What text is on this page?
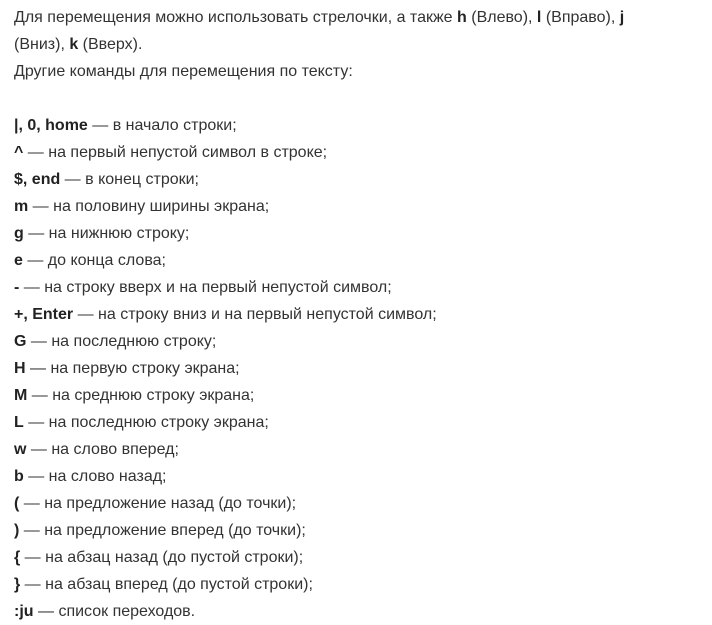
Для перемещения можно использовать стрелочки, а также h (Влево), l (Вправо), j
(Вниз), k (Вверх).

Другие команды для перемещения по тексту:

|, 0, home — в начало строки;
^ — на первый непустой символ в строке;
$, end — в конец строки;
m — на половину ширины экрана;
g — на нижнюю строку;
e — до конца слова;
- — на строку вверх и на первый непустой символ;
+, Enter — на строку вниз и на первый непустой символ;
G — на последнюю строку;
H — на первую строку экрана;
M — на среднюю строку экрана;
L — на последнюю строку экрана;
w — на слово вперед;
b — на слово назад;
( — на предложение назад (до точки);
) — на предложение вперед (до точки);
{ — на абзац назад (до пустой строки);
} — на абзац вперед (до пустой строки);
:ju — список переходов.
